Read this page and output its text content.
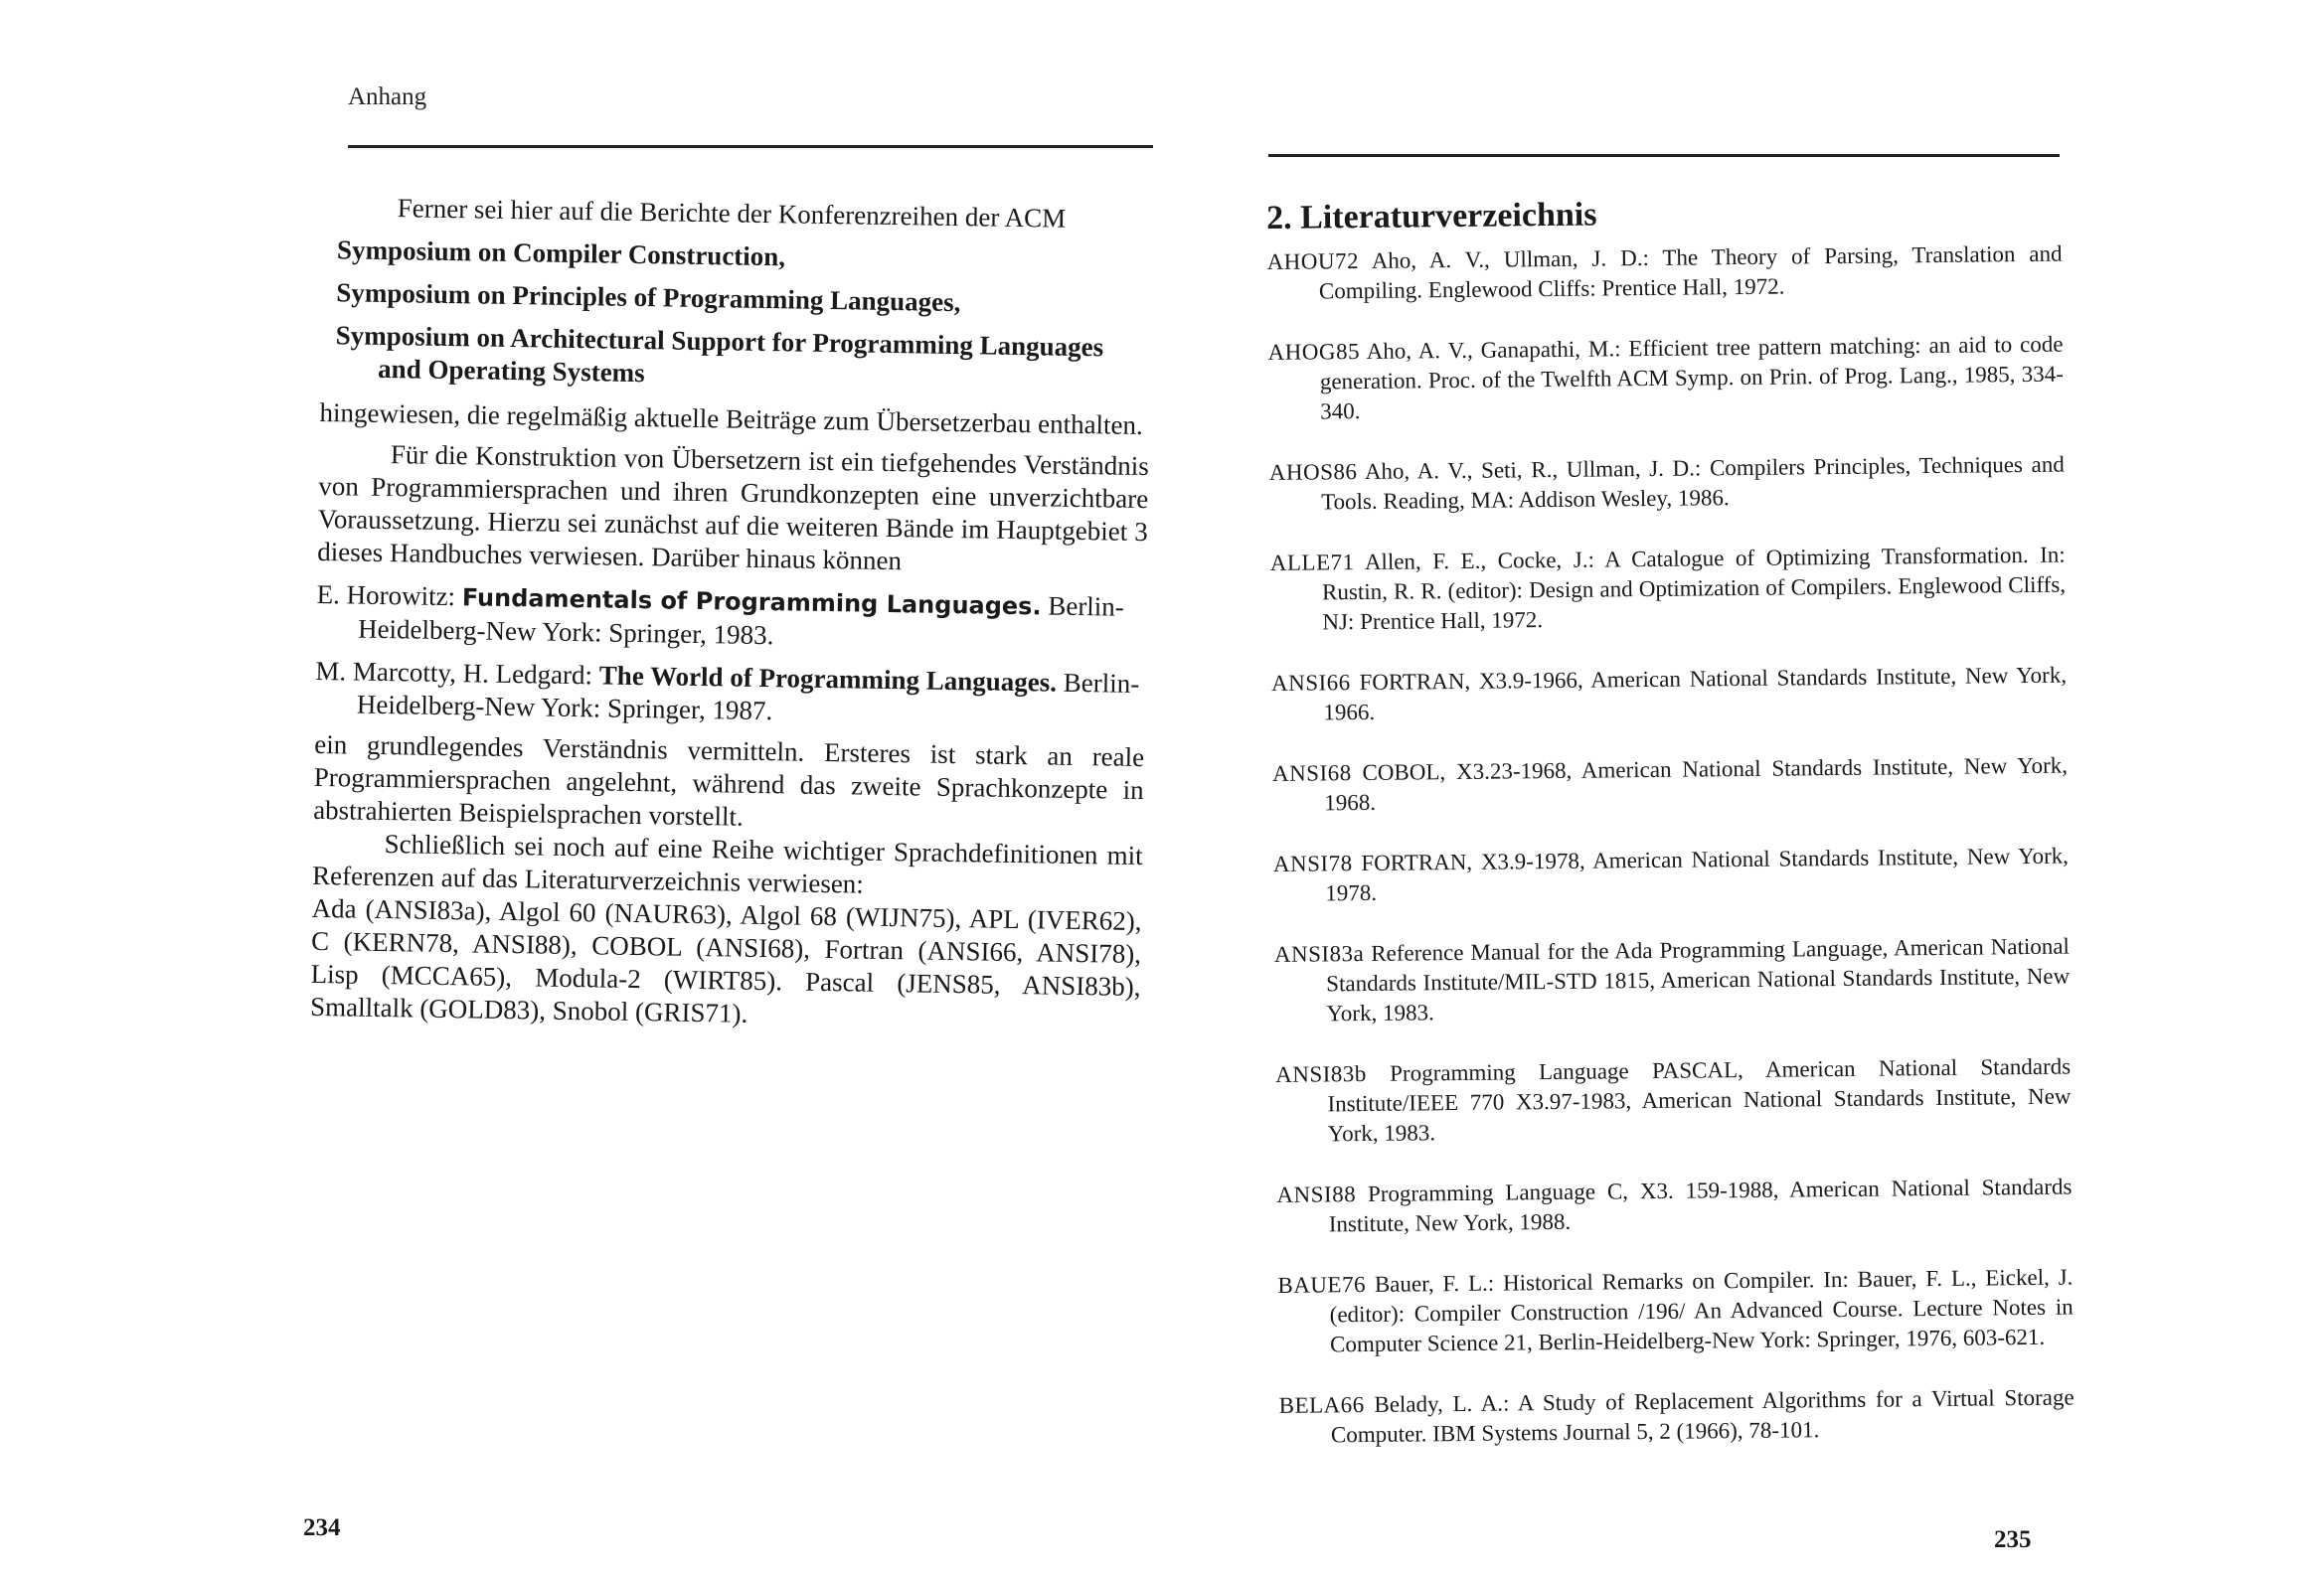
Anhang

Ferner sei hier auf die Berichte der Konferenzreihen der ACM

Symposium on Compiler Construction,

Symposium on Principles of Programming Languages,

Symposium on Architectural Support for Programming Languages
and Operating Systems

hingewiesen, die regelmäßig aktuelle Beiträge zum Übersetzerbau enthalten.

Für die Konstruktion von Übersetzern ist ein tiefgehendes Verständnis von Programmiersprachen und ihren Grundkonzepten eine unverzichtbare Voraussetzung. Hierzu sei zunächst auf die weiteren Bände im Hauptgebiet 3 dieses Handbuches verwiesen. Darüber hinaus können

E. Horowitz: Fundamentals of Programming Languages. Berlin-Heidelberg-New York: Springer, 1983.

M. Marcotty, H. Ledgard: The World of Programming Languages. Berlin-Heidelberg-New York: Springer, 1987.

ein grundlegendes Verständnis vermitteln. Ersteres ist stark an reale Programmiersprachen angelehnt, während das zweite Sprachkonzepte in abstrahierten Beispielsprachen vorstellt.

Schließlich sei noch auf eine Reihe wichtiger Sprachdefinitionen mit Referenzen auf das Literaturverzeichnis verwiesen:

Ada (ANSI83a), Algol 60 (NAUR63), Algol 68 (WIJN75), APL (IVER62), C (KERN78, ANSI88), COBOL (ANSI68), Fortran (ANSI66, ANSI78), Lisp (MCCA65), Modula-2 (WIRT85). Pascal (JENS85, ANSI83b), Smalltalk (GOLD83), Snobol (GRIS71).

234
2. Literaturverzeichnis

AHOU72 Aho, A. V., Ullman, J. D.: The Theory of Parsing, Translation and Compiling. Englewood Cliffs: Prentice Hall, 1972.

AHOG85 Aho, A. V., Ganapathi, M.: Efficient tree pattern matching: an aid to code generation. Proc. of the Twelfth ACM Symp. on Prin. of Prog. Lang., 1985, 334-340.

AHOS86 Aho, A. V., Seti, R., Ullman, J. D.: Compilers Principles, Techniques and Tools. Reading, MA: Addison Wesley, 1986.

ALLE71 Allen, F. E., Cocke, J.: A Catalogue of Optimizing Transformation. In: Rustin, R. R. (editor): Design and Optimization of Compilers. Englewood Cliffs, NJ: Prentice Hall, 1972.

ANSI66 FORTRAN, X3.9-1966, American National Standards Institute, New York, 1966.

ANSI68 COBOL, X3.23-1968, American National Standards Institute, New York, 1968.

ANSI78 FORTRAN, X3.9-1978, American National Standards Institute, New York, 1978.

ANSI83a Reference Manual for the Ada Programming Language, American National Standards Institute/MIL-STD 1815, American National Standards Institute, New York, 1983.

ANSI83b Programming Language PASCAL, American National Standards Institute/IEEE 770 X3.97-1983, American National Standards Institute, New York, 1983.

ANSI88 Programming Language C, X3. 159-1988, American National Standards Institute, New York, 1988.

BAUE76 Bauer, F. L.: Historical Remarks on Compiler. In: Bauer, F. L., Eickel, J. (editor): Compiler Construction /196/ An Advanced Course. Lecture Notes in Computer Science 21, Berlin-Heidelberg-New York: Springer, 1976, 603-621.

BELA66 Belady, L. A.: A Study of Replacement Algorithms for a Virtual Storage Computer. IBM Systems Journal 5, 2 (1966), 78-101.

235
